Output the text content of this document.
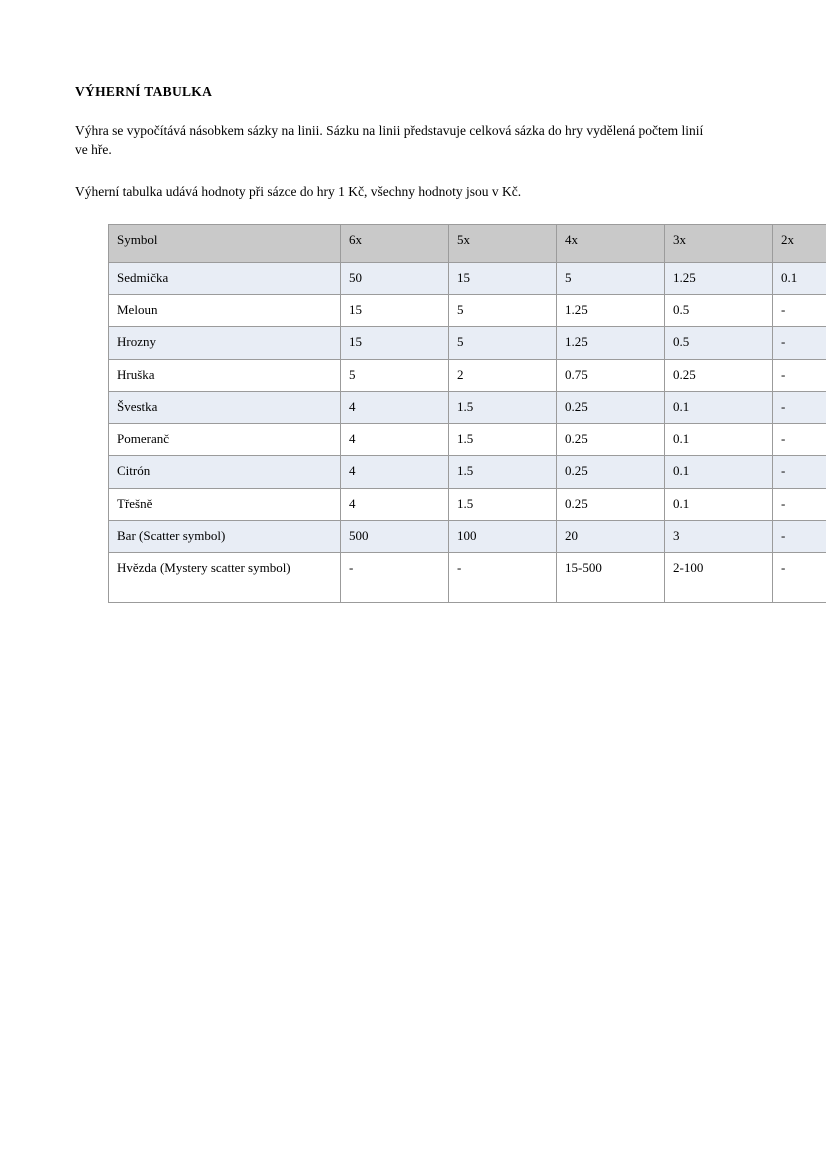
VÝHERNÍ TABULKA

Výhra se vypočítává násobkem sázky na linii. Sázku na linii představuje celková sázka do hry vydělená počtem linií ve hře.

Výherní tabulka udává hodnoty při sázce do hry 1 Kč, všechny hodnoty jsou v Kč.

Symbol	6x	5x	4x	3x	2x
Sedmička	50	15	5	1.25	0.1
Meloun	15	5	1.25	0.5	-
Hrozny	15	5	1.25	0.5	-
Hruška	5	2	0.75	0.25	-
Švestka	4	1.5	0.25	0.1	-
Pomeranč	4	1.5	0.25	0.1	-
Citrón	4	1.5	0.25	0.1	-
Třešně	4	1.5	0.25	0.1	-
Bar (Scatter symbol)	500	100	20	3	-
Hvězda (Mystery scatter symbol)	-	-	15-500	2-100	-
